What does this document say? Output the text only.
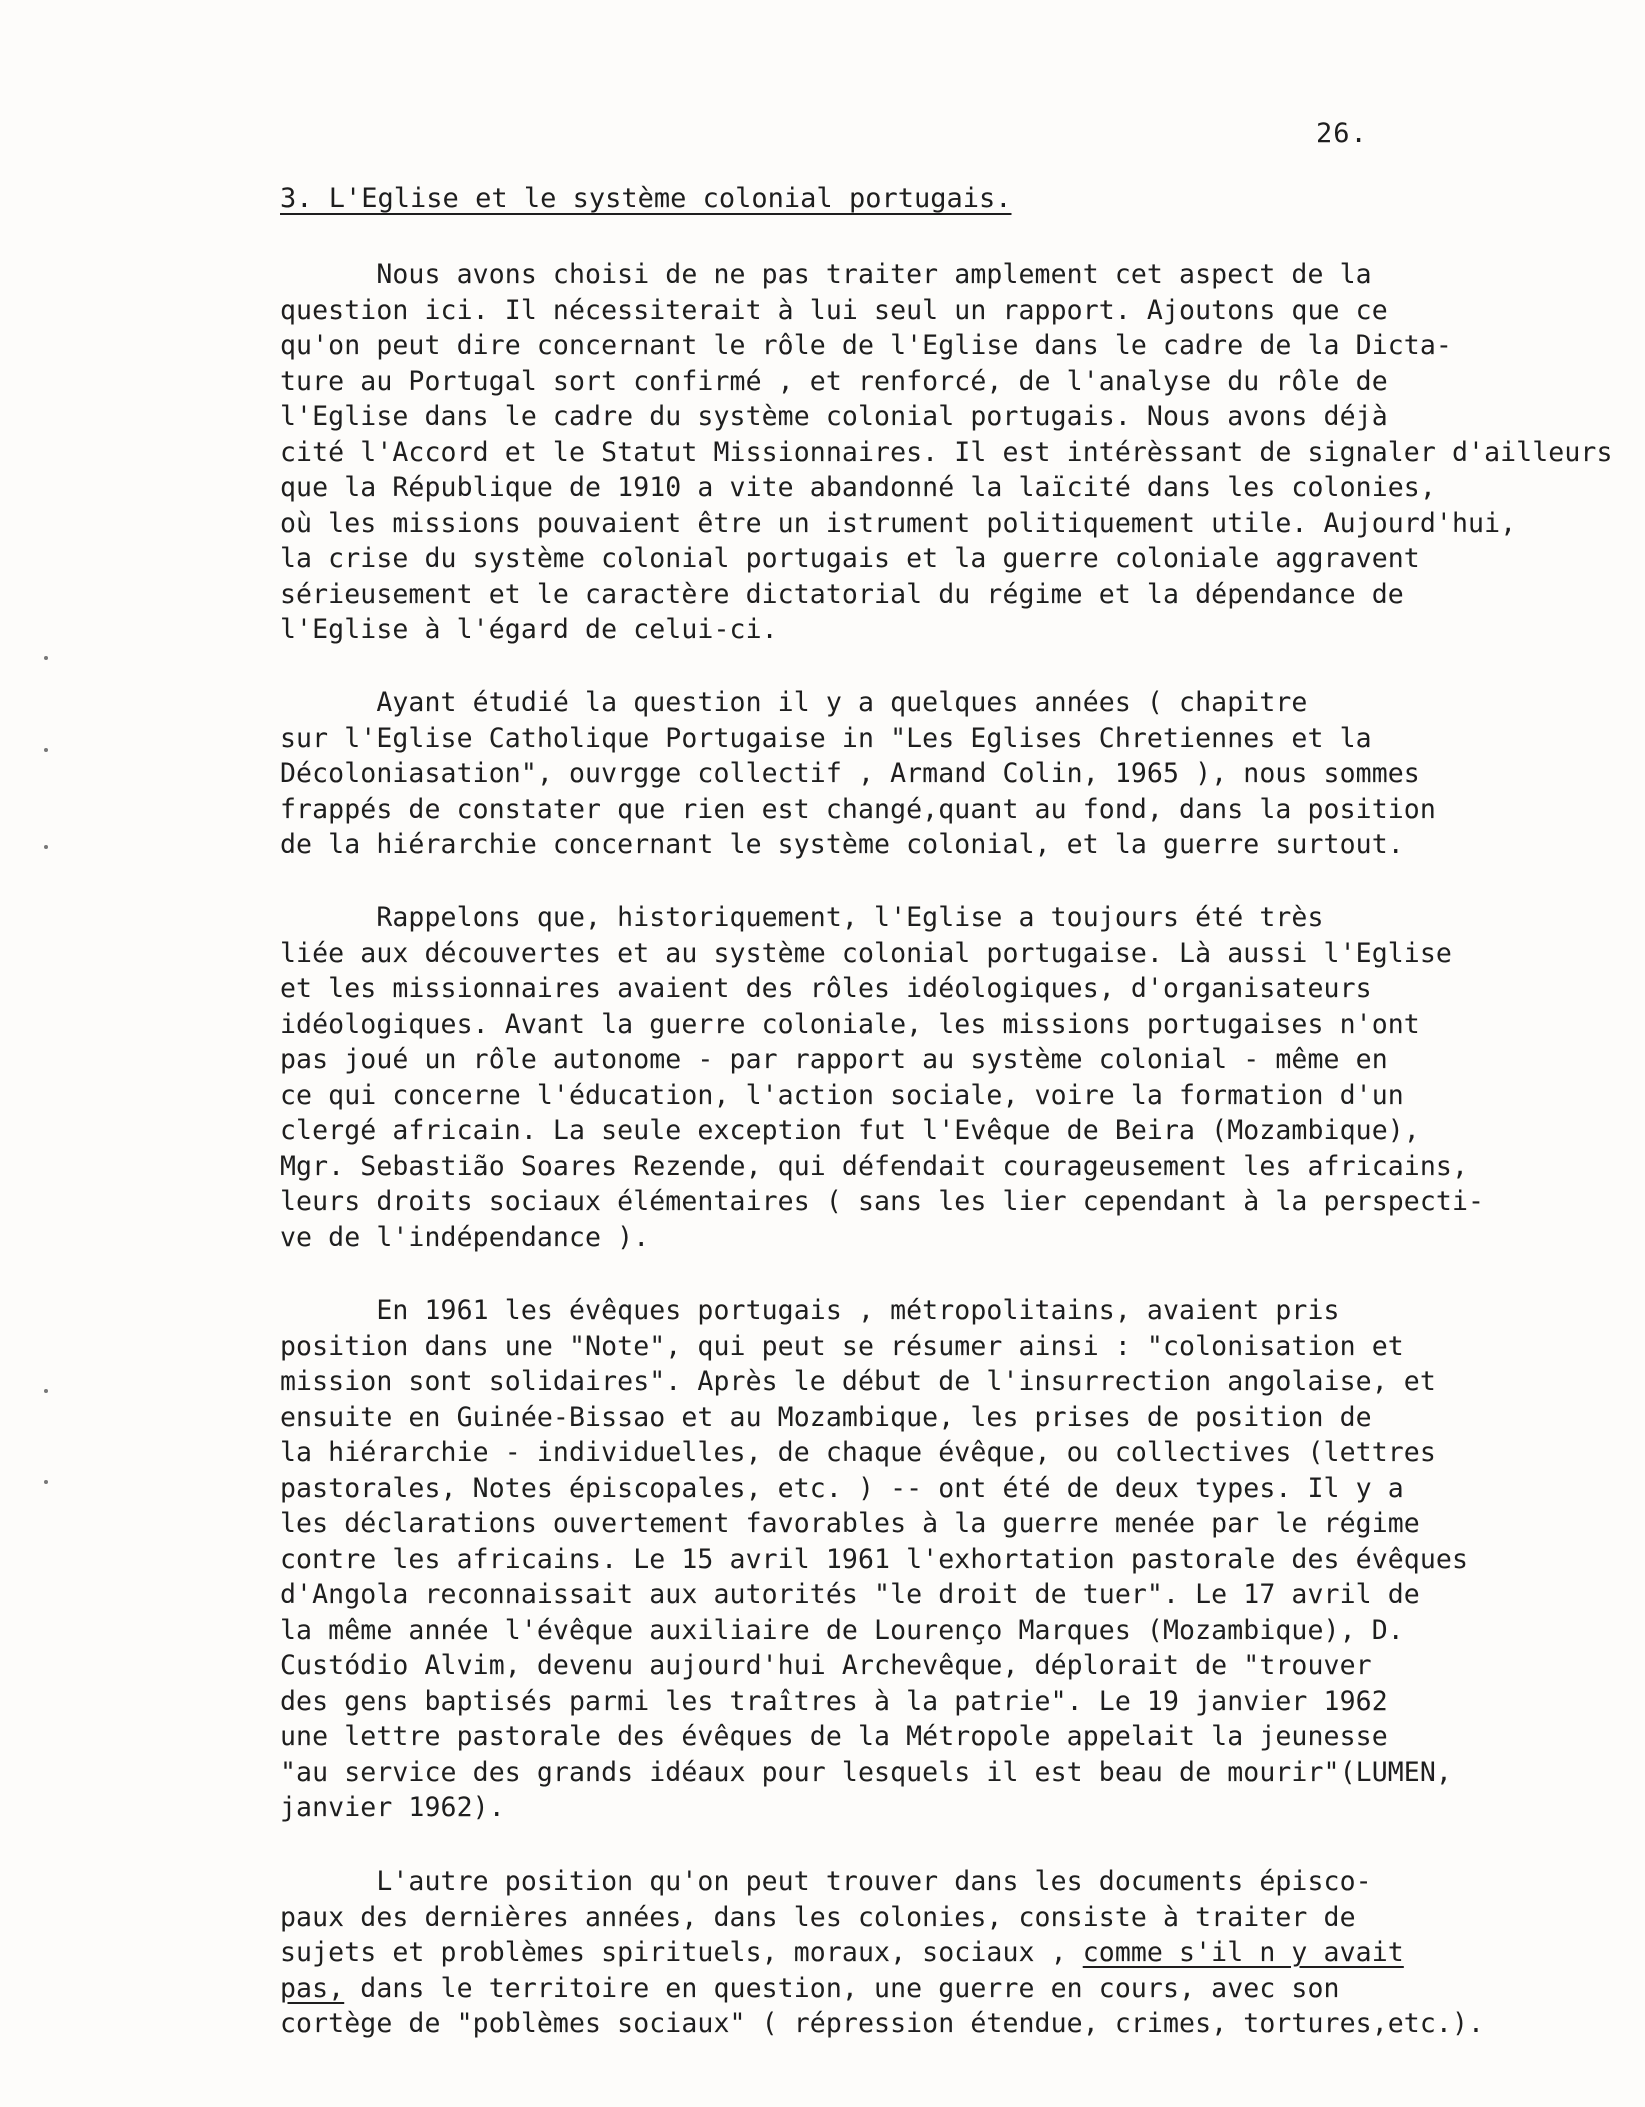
26.
3. L'Eglise et le système colonial portugais.
Nous avons choisi de ne pas traiter amplement cet aspect de la
question ici. Il nécessiterait à lui seul un rapport. Ajoutons que ce
qu'on peut dire concernant le rôle de l'Eglise dans le cadre de la Dicta-
ture au Portugal sort confirmé , et renforcé, de l'analyse du rôle de
l'Eglise dans le cadre du système colonial portugais. Nous avons déjà
cité l'Accord et le Statut Missionnaires. Il est intérèssant de signaler d'ailleurs
que la République de 1910 a vite abandonné la laïcité dans les colonies,
où les missions pouvaient être un istrument politiquement utile. Aujourd'hui,
la crise du système colonial portugais et la guerre coloniale aggravent
sérieusement et le caractère dictatorial du régime et la dépendance de
l'Eglise à l'égard de celui-ci.
Ayant étudié la question il y a quelques années ( chapitre
sur l'Eglise Catholique Portugaise in "Les Eglises Chretiennes et la
Décoloniasation", ouvrgge collectif , Armand Colin, 1965 ), nous sommes
frappés de constater que rien est changé,quant au fond, dans la position
de la hiérarchie concernant le système colonial, et la guerre surtout.
Rappelons que, historiquement, l'Eglise a toujours été très
liée aux découvertes et au système colonial portugaise. Là aussi l'Eglise
et les missionnaires avaient des rôles idéologiques, d'organisateurs
idéologiques. Avant la guerre coloniale, les missions portugaises n'ont
pas joué un rôle autonome - par rapport au système colonial - même en
ce qui concerne l'éducation, l'action sociale, voire la formation d'un
clergé africain. La seule exception fut l'Evêque de Beira (Mozambique),
Mgr. Sebastião Soares Rezende, qui défendait courageusement les africains,
leurs droits sociaux élémentaires ( sans les lier cependant à la perspecti-
ve de l'indépendance ).
En 1961 les évêques portugais , métropolitains, avaient pris
position dans une "Note", qui peut se résumer ainsi : "colonisation et
mission sont solidaires". Après le début de l'insurrection angolaise, et
ensuite en Guinée-Bissao et au Mozambique, les prises de position de
la hiérarchie - individuelles, de chaque évêque, ou collectives (lettres
pastorales, Notes épiscopales, etc. ) -- ont été de deux types. Il y a
les déclarations ouvertement favorables à la guerre menée par le régime
contre les africains. Le 15 avril 1961 l'exhortation pastorale des évêques
d'Angola reconnaissait aux autorités "le droit de tuer". Le 17 avril de
la même année l'évêque auxiliaire de Lourenço Marques (Mozambique), D.
Custódio Alvim, devenu aujourd'hui Archevêque, déplorait de "trouver
des gens baptisés parmi les traîtres à la patrie". Le 19 janvier 1962
une lettre pastorale des évêques de la Métropole appelait la jeunesse
"au service des grands idéaux pour lesquels il est beau de mourir"(LUMEN,
janvier 1962).
L'autre position qu'on peut trouver dans les documents épisco-
paux des dernières années, dans les colonies, consiste à traiter de
sujets et problèmes spirituels, moraux, sociaux , comme s'il n y avait
pas, dans le territoire en question, une guerre en cours, avec son
cortège de "poblèmes sociaux" ( répression étendue, crimes, tortures,etc.).
